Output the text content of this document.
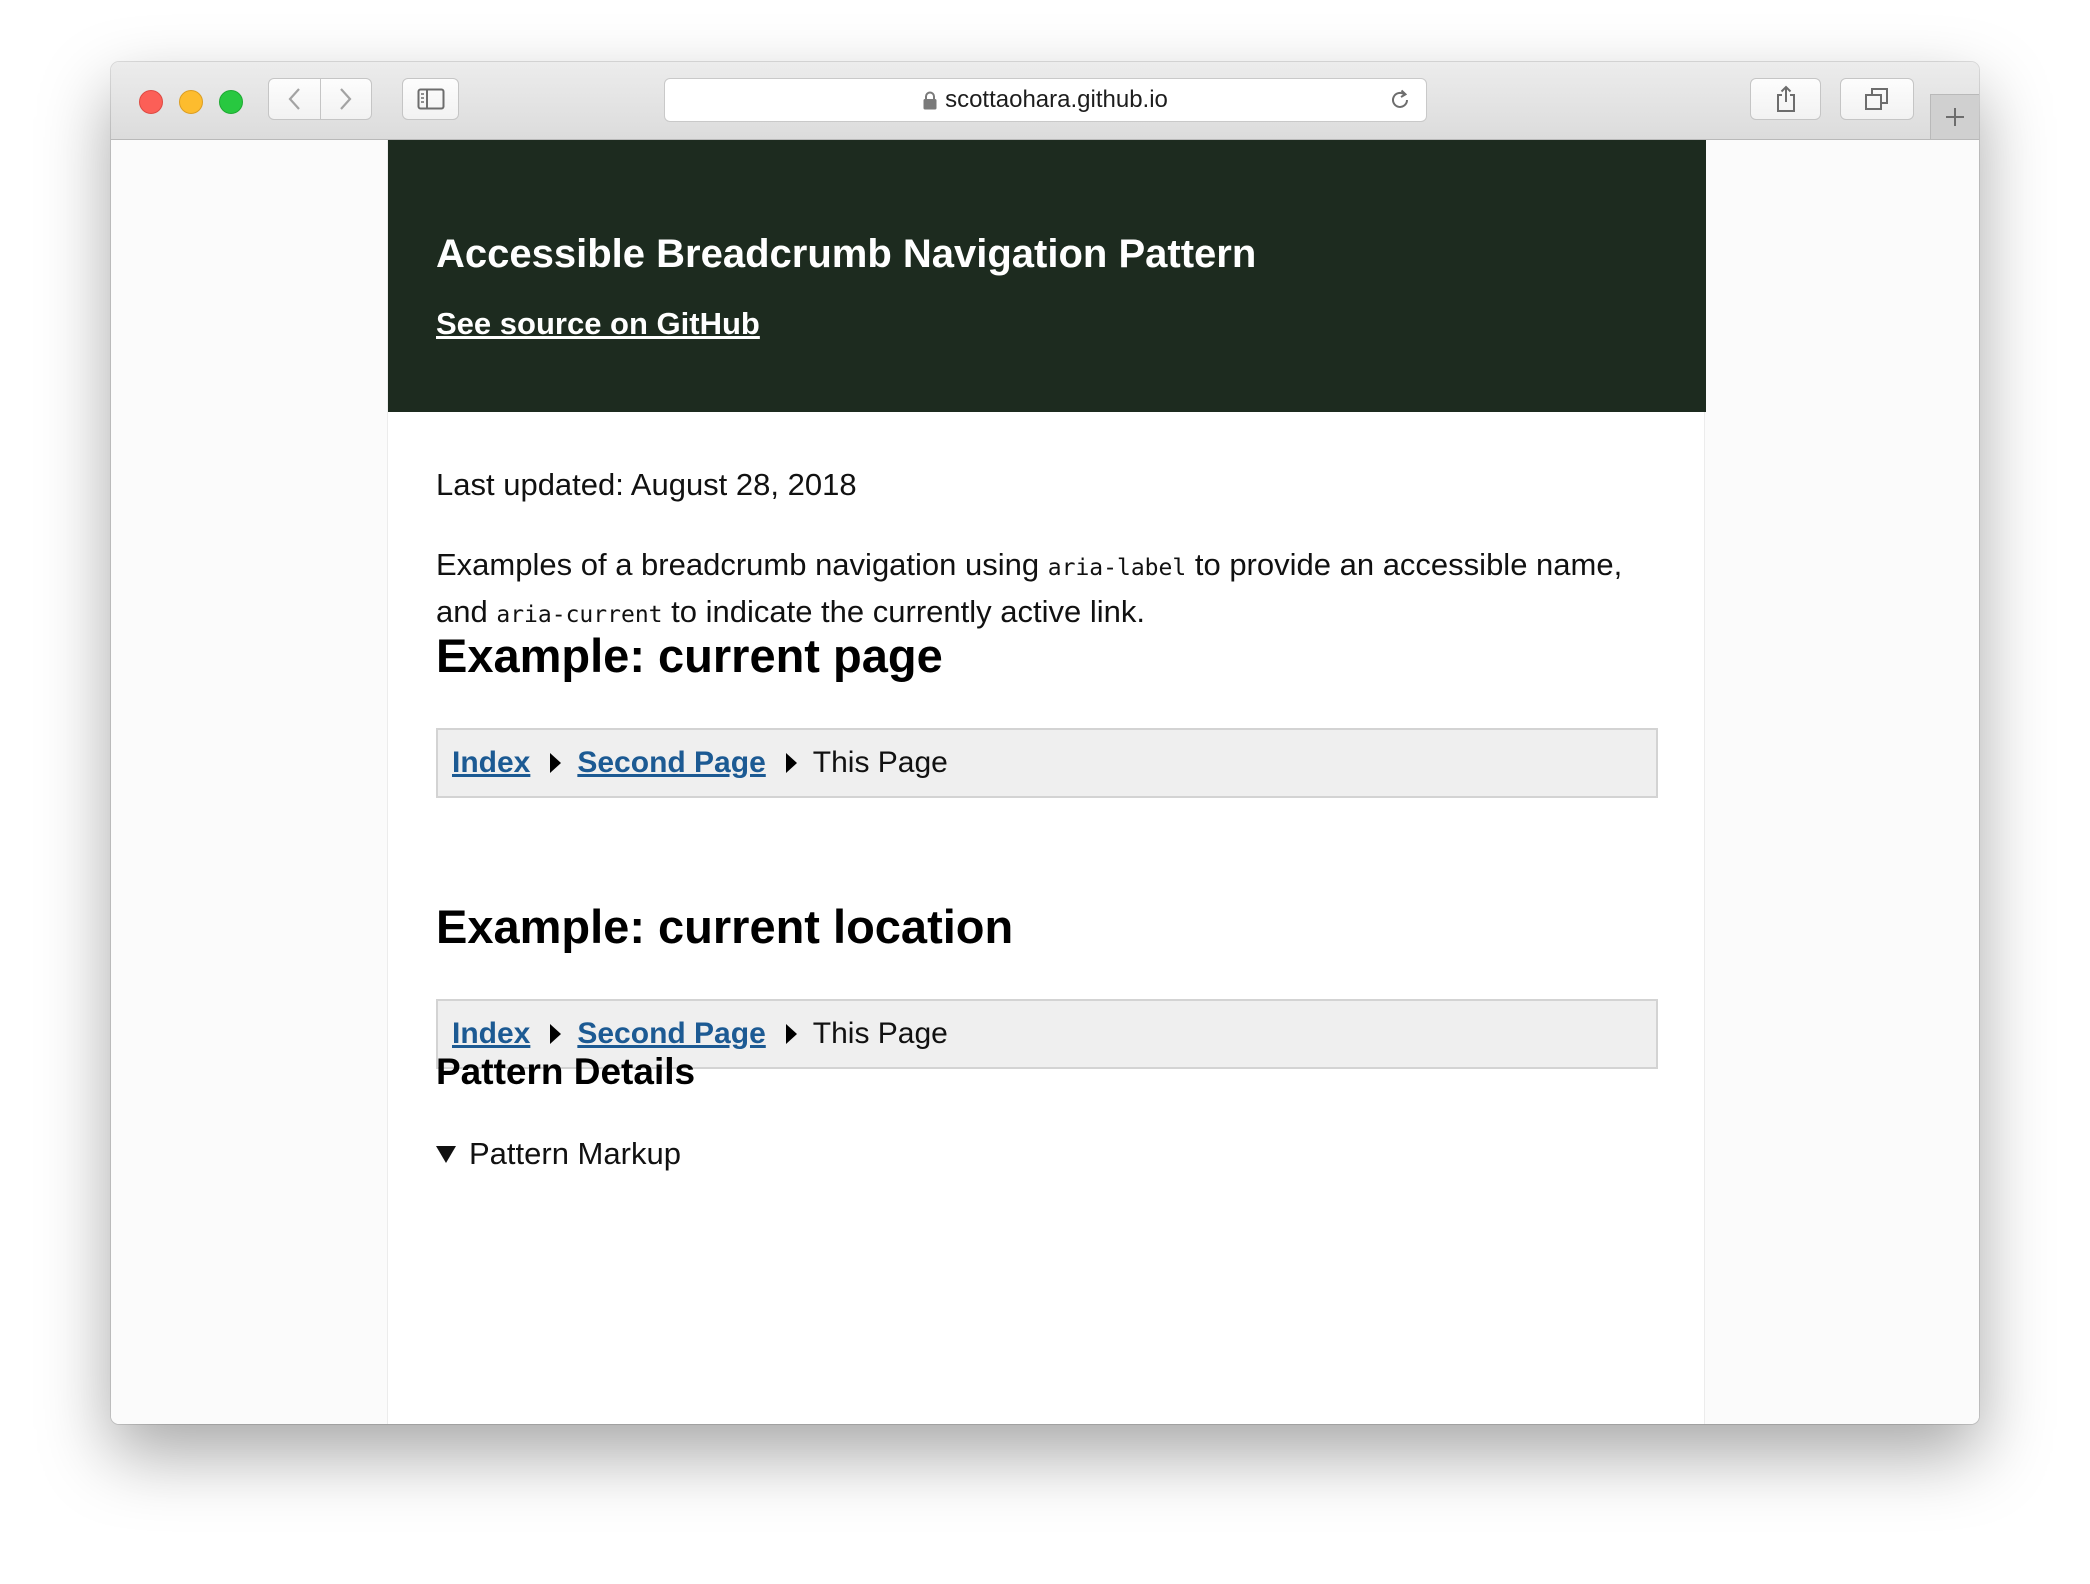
scottaohara.github.io
Accessible Breadcrumb Navigation Pattern
See source on GitHub

Last updated: August 28, 2018

Examples of a breadcrumb navigation using aria-label to provide an accessible name, and aria-current to indicate the currently active link.

Example: current page
Index Second Page This Page
Example: current location
Index Second Page This Page
Pattern Details
Pattern Markup
